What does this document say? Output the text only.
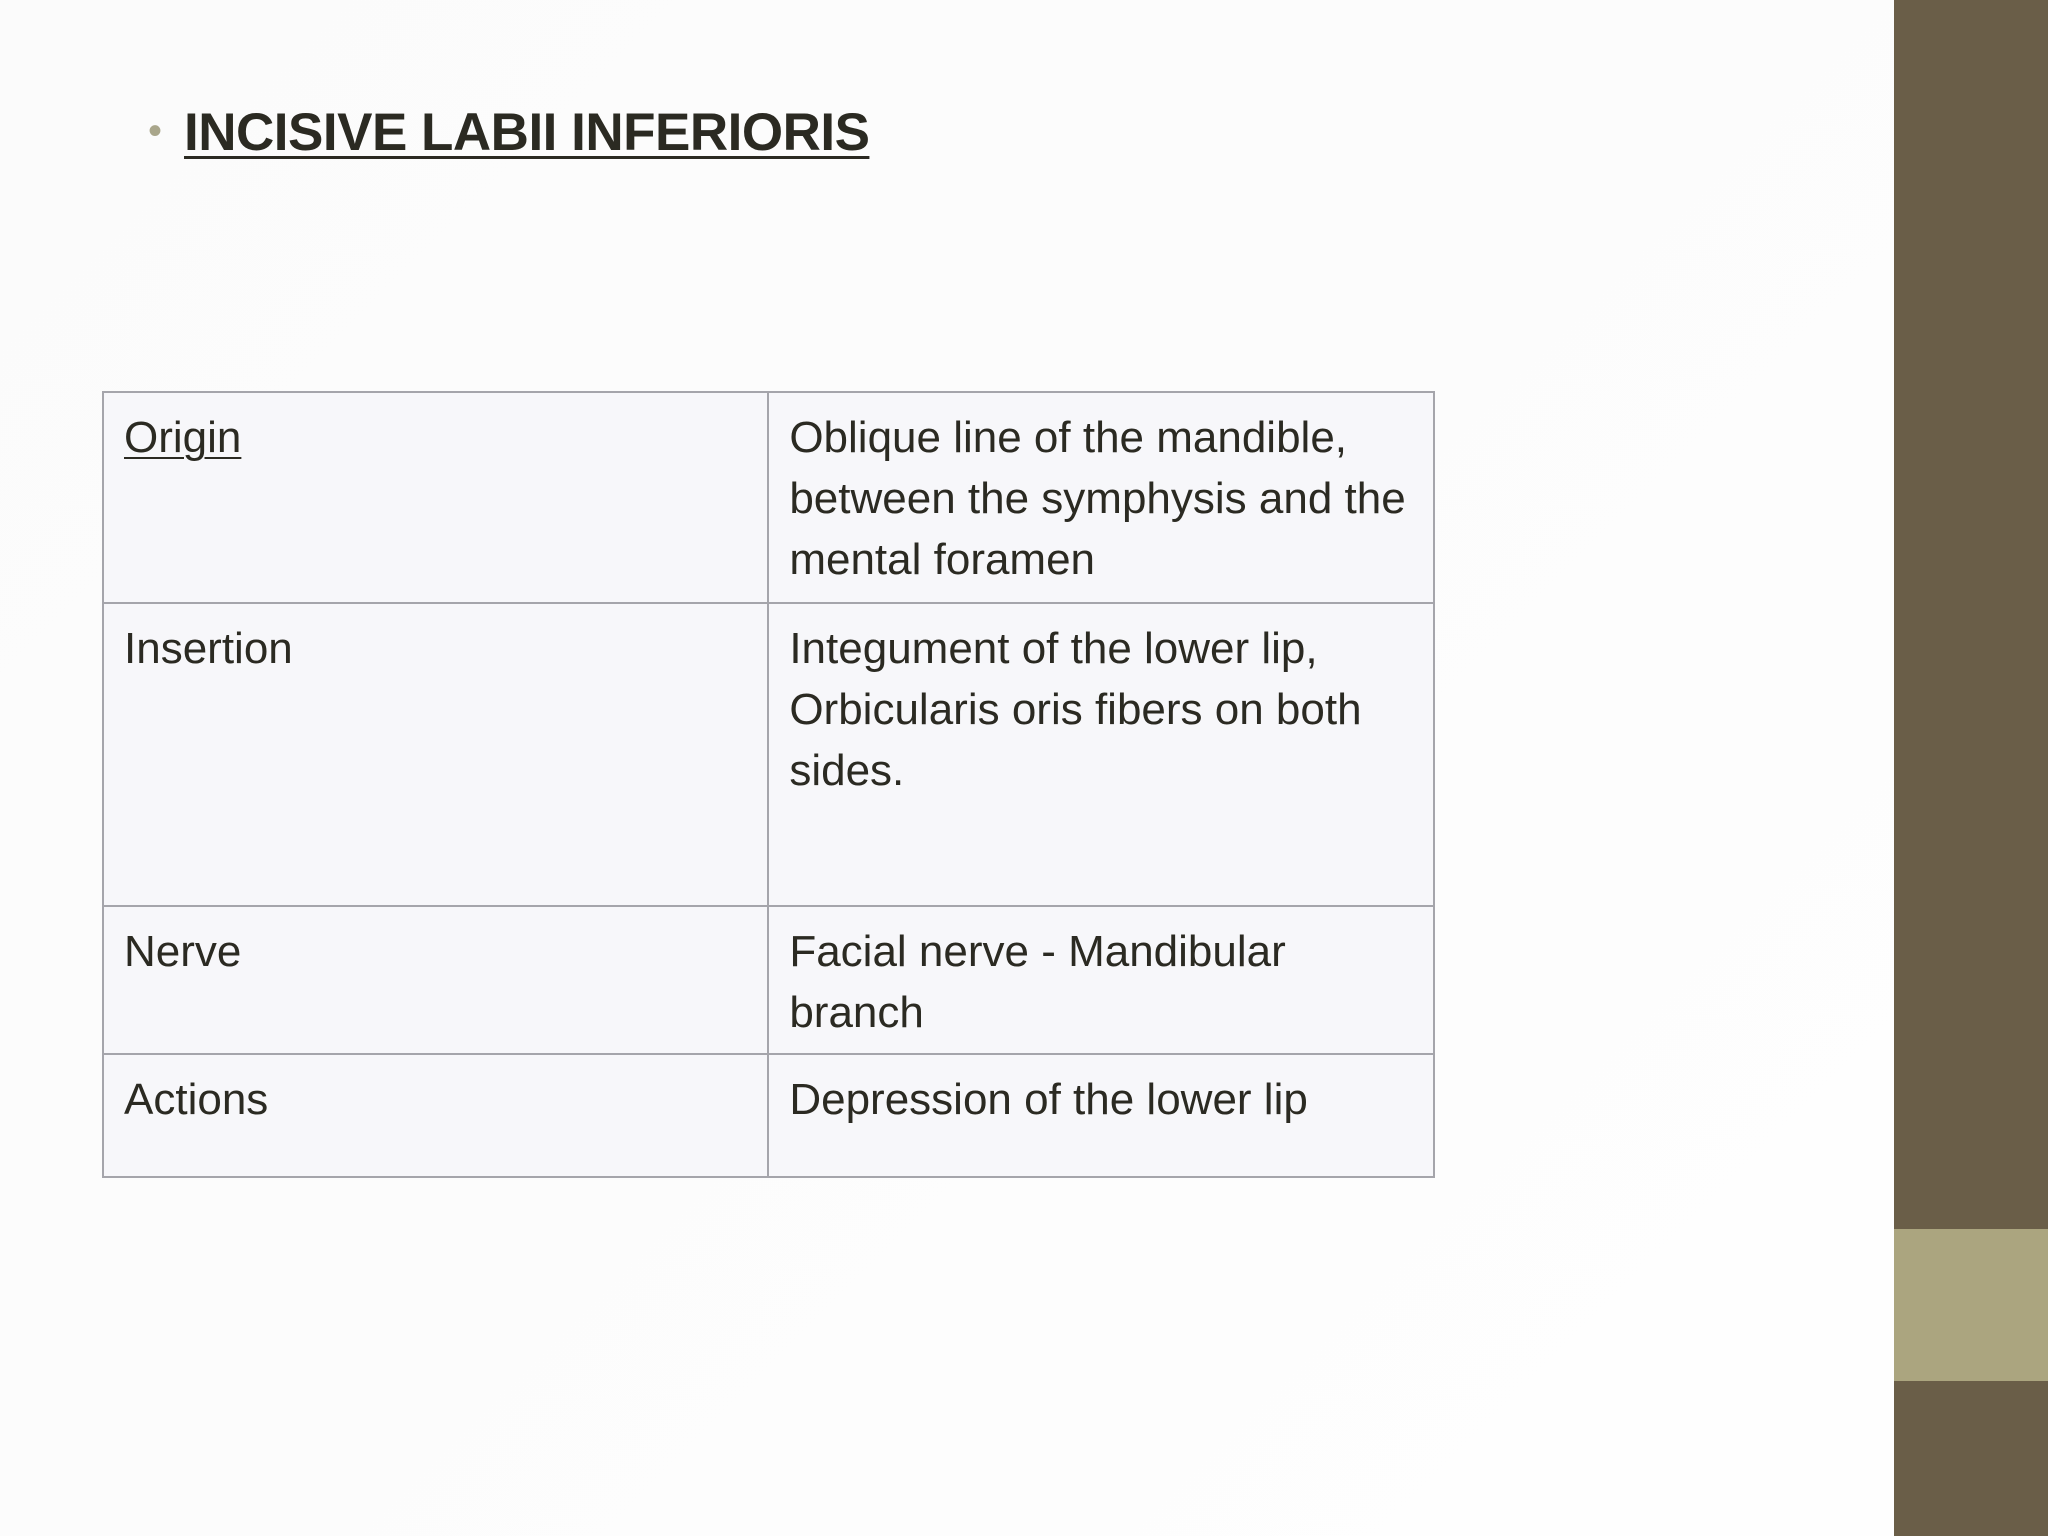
• INCISIVE LABII INFERIORIS
Origin	Oblique line of the mandible, between the symphysis and the mental foramen
Insertion	Integument of the lower lip, Orbicularis oris fibers on both sides.
Nerve	Facial nerve - Mandibular branch
Actions	Depression of the lower lip
